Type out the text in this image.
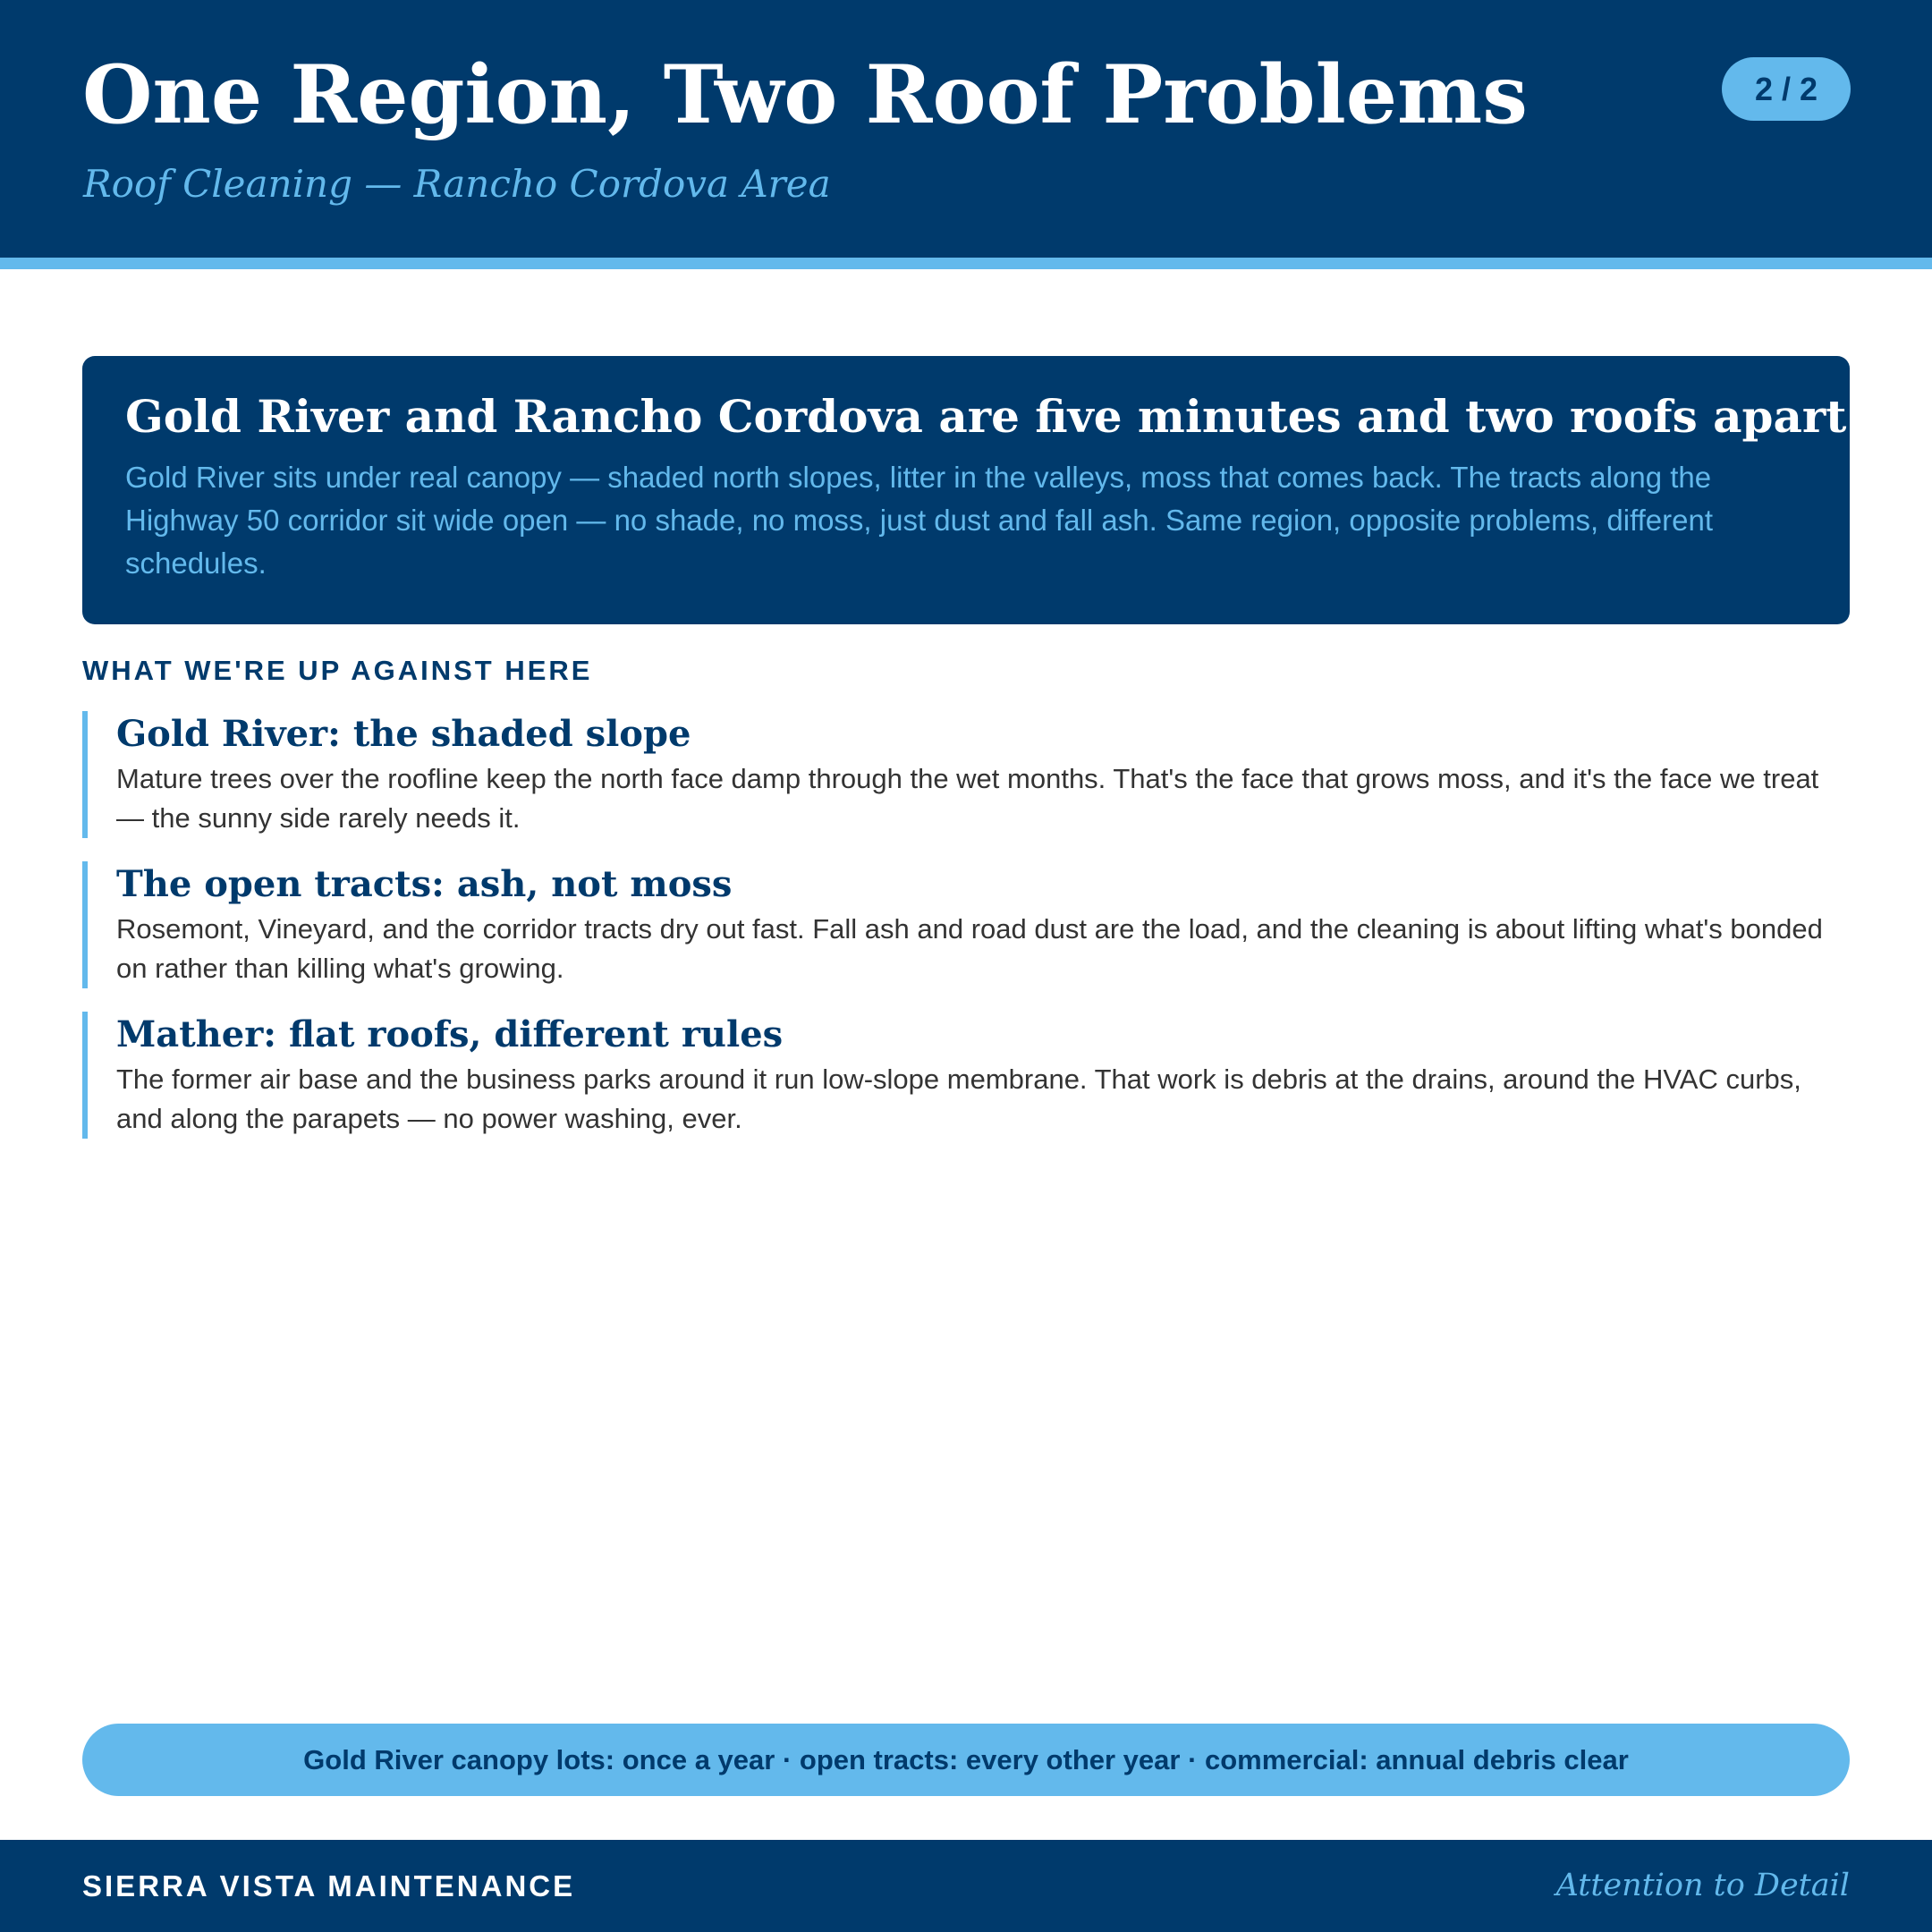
One Region, Two Roof Problems

Roof Cleaning — Rancho Cordova Area

2 / 2
Gold River and Rancho Cordova are five minutes and two roofs apart.

Gold River sits under real canopy — shaded north slopes, litter in the valleys, moss that comes back. The tracts along the Highway 50 corridor sit wide open — no shade, no moss, just dust and fall ash. Same region, opposite problems, different schedules.

WHAT WE'RE UP AGAINST HERE
Gold River: the shaded slope

Mature trees over the roofline keep the north face damp through the wet months. That's the face that grows moss, and it's the face we treat — the sunny side rarely needs it.

The open tracts: ash, not moss

Rosemont, Vineyard, and the corridor tracts dry out fast. Fall ash and road dust are the load, and the cleaning is about lifting what's bonded on rather than killing what's growing.

Mather: flat roofs, different rules

The former air base and the business parks around it run low-slope membrane. That work is debris at the drains, around the HVAC curbs, and along the parapets — no power washing, ever.

Gold River canopy lots: once a year · open tracts: every other year · commercial: annual debris clear

SIERRA VISTA MAINTENANCE	Attention to Detail
